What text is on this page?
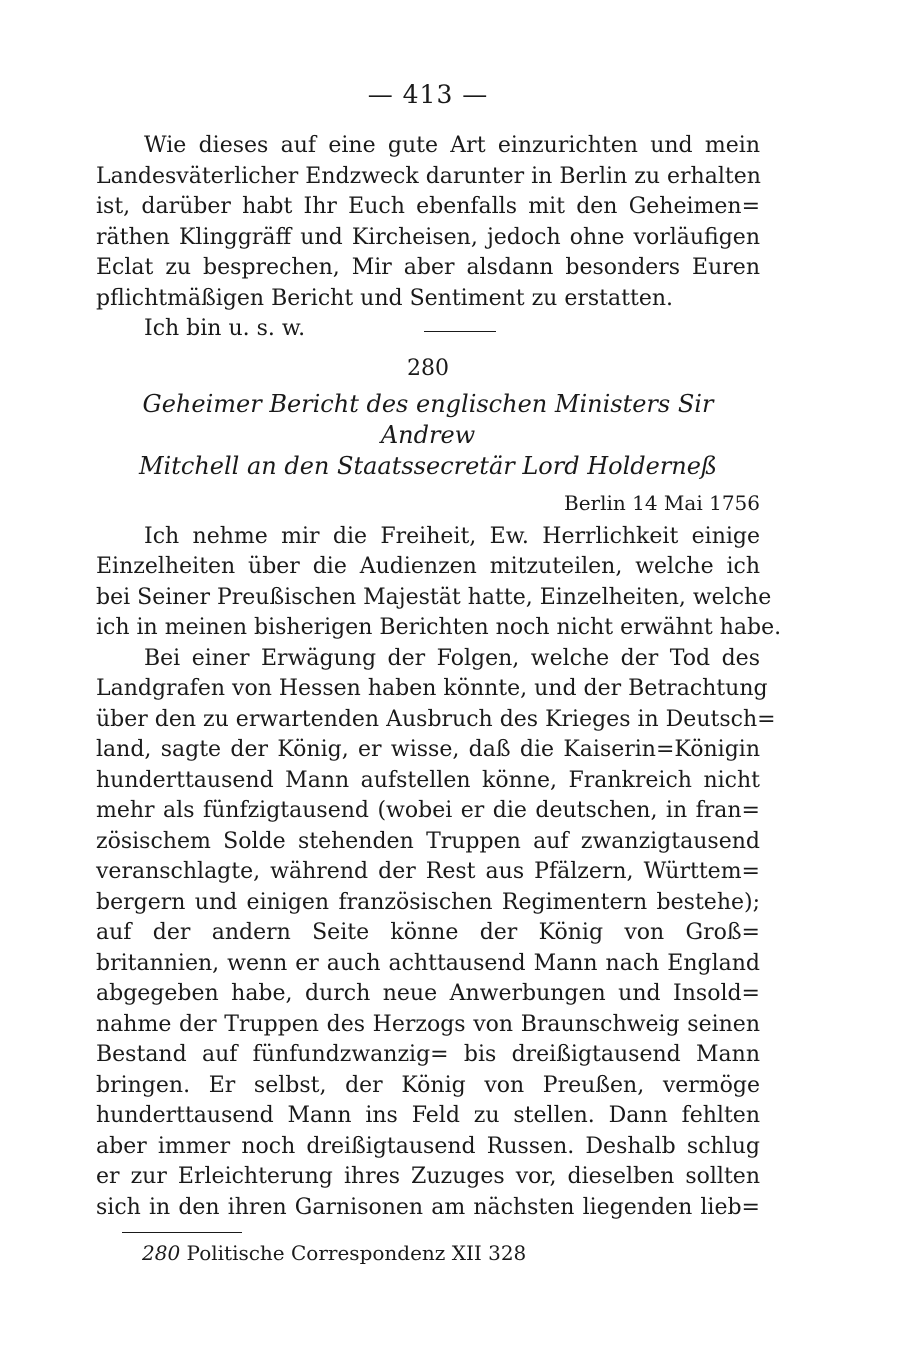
— 413 —
Wie dieses auf eine gute Art einzurichten und mein
Landesväterlicher Endzweck darunter in Berlin zu erhalten
ist, darüber habt Ihr Euch ebenfalls mit den Geheimen=
räthen Klinggräff und Kircheisen, jedoch ohne vorläufigen
Eclat zu besprechen, Mir aber alsdann besonders Euren
pflichtmäßigen Bericht und Sentiment zu erstatten.
Ich bin u. s. w.
280
Geheimer Bericht des englischen Ministers Sir Andrew
Mitchell an den Staatssecretär Lord Holderneß
Berlin 14 Mai 1756
Ich nehme mir die Freiheit, Ew. Herrlichkeit einige
Einzelheiten über die Audienzen mitzuteilen, welche ich
bei Seiner Preußischen Majestät hatte, Einzelheiten, welche
ich in meinen bisherigen Berichten noch nicht erwähnt habe.
Bei einer Erwägung der Folgen, welche der Tod des
Landgrafen von Hessen haben könnte, und der Betrachtung
über den zu erwartenden Ausbruch des Krieges in Deutsch=
land, sagte der König, er wisse, daß die Kaiserin=Königin
hunderttausend Mann aufstellen könne, Frankreich nicht
mehr als fünfzigtausend (wobei er die deutschen, in fran=
zösischem Solde stehenden Truppen auf zwanzigtausend
veranschlagte, während der Rest aus Pfälzern, Württem=
bergern und einigen französischen Regimentern bestehe);
auf der andern Seite könne der König von Groß=
britannien, wenn er auch achttausend Mann nach England
abgegeben habe, durch neue Anwerbungen und Insold=
nahme der Truppen des Herzogs von Braunschweig seinen
Bestand auf fünfundzwanzig= bis dreißigtausend Mann
bringen. Er selbst, der König von Preußen, vermöge
hunderttausend Mann ins Feld zu stellen. Dann fehlten
aber immer noch dreißigtausend Russen. Deshalb schlug
er zur Erleichterung ihres Zuzuges vor, dieselben sollten
sich in den ihren Garnisonen am nächsten liegenden lieb=
280 Politische Correspondenz XII 328
